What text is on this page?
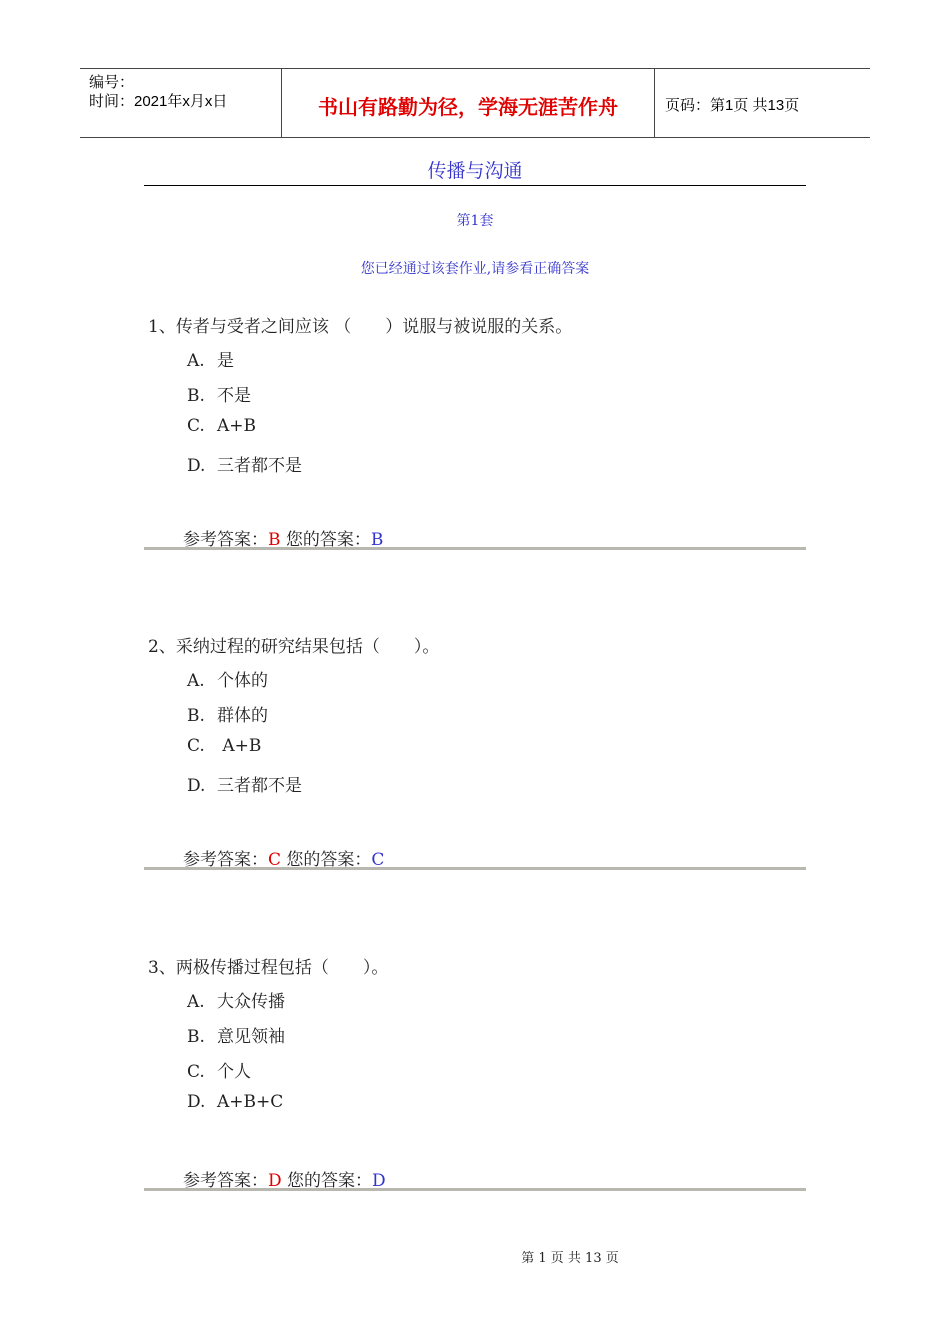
编号：
时间：2021年x月x日	书山有路勤为径，学海无涯苦作舟	页码：第1页 共13页
传播与沟通
第1套
您已经通过该套作业,请参看正确答案
1、传者与受者之间应该 （　　）说服与被说服的关系。
A. 是
B. 不是
C. A+B
D. 三者都不是
参考答案：B 您的答案：B
2、采纳过程的研究结果包括（　　）。
A. 个体的
B. 群体的
C. A+B
D. 三者都不是
参考答案：C 您的答案：C
3、两极传播过程包括（　　）。
A. 大众传播
B. 意见领袖
C. 个人
D. A+B+C
参考答案：D 您的答案：D
第 1 页 共 13 页
